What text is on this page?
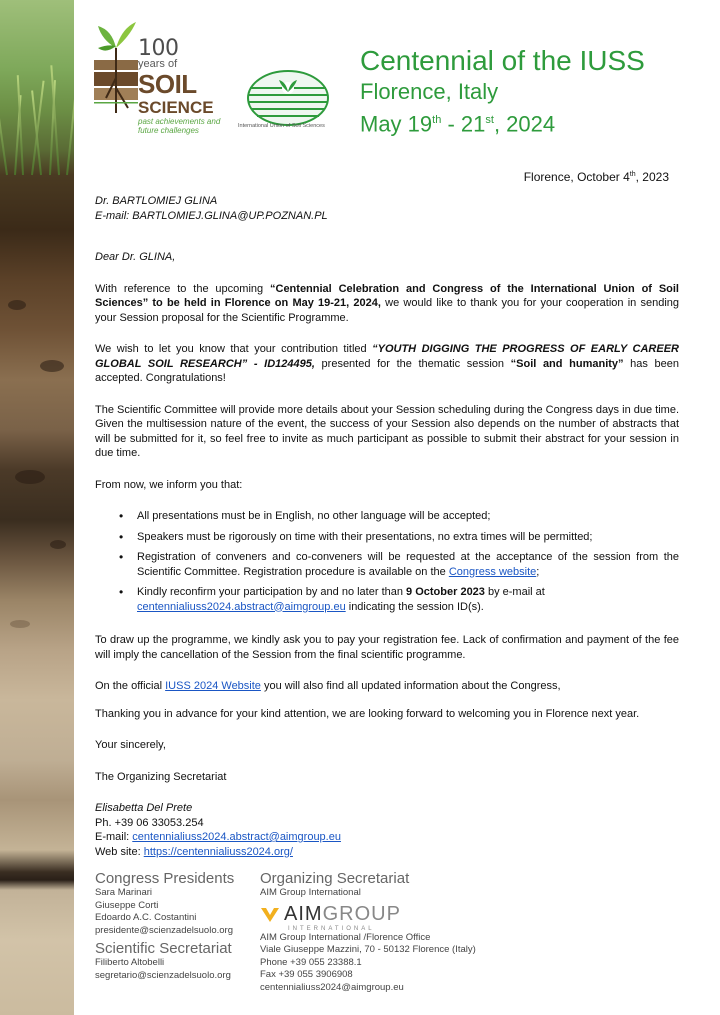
100
years of
SOIL
SCIENCE
past achievements and future challenges	International Union of Soil Sciences
Centennial of the IUSS
Florence, Italy
May 19th - 21st, 2024
Florence, October 4th, 2023

Dr. BARTLOMIEJ GLINA

E-mail: BARTLOMIEJ.GLINA@UP.POZNAN.PL

Dear Dr. GLINA,

With reference to the upcoming “Centennial Celebration and Congress of the International Union of Soil Sciences” to be held in Florence on May 19-21, 2024, we would like to thank you for your cooperation in sending your Session proposal for the Scientific Programme.

We wish to let you know that your contribution titled “YOUTH DIGGING THE PROGRESS OF EARLY CAREER GLOBAL SOIL RESEARCH” - ID124495, presented for the thematic session “Soil and humanity” has been accepted. Congratulations!

The Scientific Committee will provide more details about your Session scheduling during the Congress days in due time. Given the multisession nature of the event, the success of your Session also depends on the number of abstracts that will be submitted for it, so feel free to invite as much participant as possible to submit their abstract for your session in due time.

From now, we inform you that:

• All presentations must be in English, no other language will be accepted;
• Speakers must be rigorously on time with their presentations, no extra times will be permitted;
• Registration of conveners and co-conveners will be requested at the acceptance of the session from the Scientific Committee. Registration procedure is available on the Congress website;
• Kindly reconfirm your participation by and no later than 9 October 2023 by e-mail at
centennialiuss2024.abstract@aimgroup.eu indicating the session ID(s).

To draw up the programme, we kindly ask you to pay your registration fee. Lack of confirmation and payment of the fee will imply the cancellation of the Session from the final scientific programme.

On the official IUSS 2024 Website you will also find all updated information about the Congress,

Thanking you in advance for your kind attention, we are looking forward to welcoming you in Florence next year.

Your sincerely,

The Organizing Secretariat

Elisabetta Del Prete

Ph. +39 06 33053.254

E-mail: centennialiuss2024.abstract@aimgroup.eu

Web site: https://centennialiuss2024.org/

Congress Presidents
Sara Marinari
Giuseppe Corti
Edoardo A.C. Costantini
presidente@scienzadelsuolo.org
Scientific Secretariat
Filiberto Altobelli
segretario@scienzadelsuolo.org
Organizing Secretariat
AIM Group International
AIMGROUP
INTERNATIONAL
AIM Group International /Florence Office
Viale Giuseppe Mazzini, 70 - 50132 Florence (Italy)
Phone +39 055 23388.1
Fax +39 055 3906908
centennialiuss2024@aimgroup.eu
